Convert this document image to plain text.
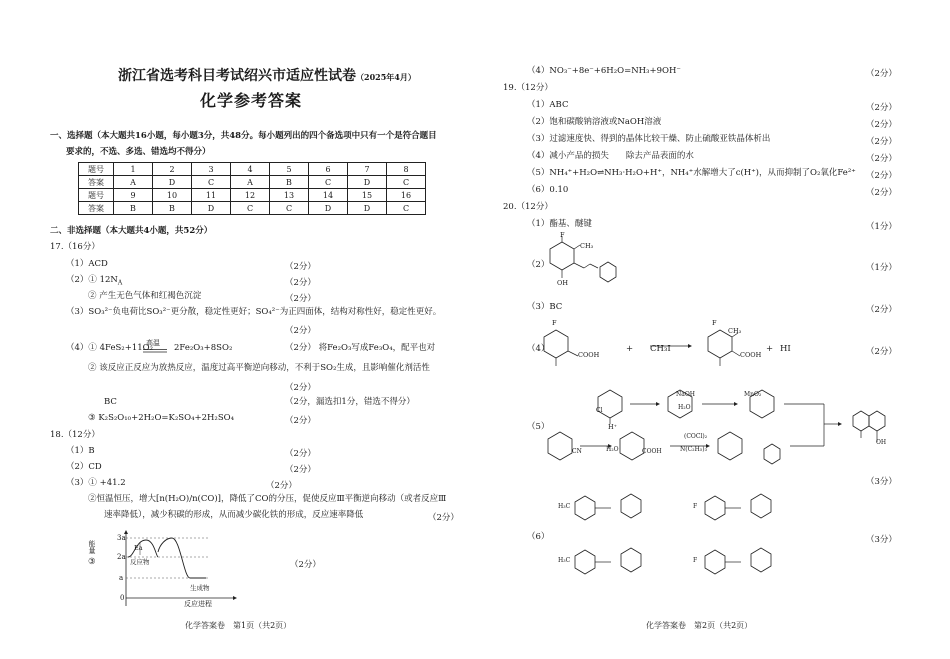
浙江省选考科目考试绍兴市适应性试卷（2025年4月）
化学参考答案
一、选择题（本大题共16小题，每小题3分，共48分。每小题列出的四个备选项中只有一个是符合题目
要求的，不选、多选、错选均不得分）
题号	1	2	3	4	5	6	7	8
答案	A	D	C	A	B	C	D	C
题号	9	10	11	12	13	14	15	16
答案	B	B	D	C	C	D	D	C
二、非选择题（本大题共4小题，共52分）
17.（16分）
（1）ACD	（2分）
（2）① $12N_A$	（2分）
② 产生无色气体和红褐色沉淀	（2分）
（3）SO₃²⁻负电荷比SO₃²⁻更分散，稳定性更好；SO₄²⁻为正四面体，结构对称性好，稳定性更好。
（2分）
（4）① 4FeS₂+11O₂
高温 2Fe₂O₃+8SO₂	（2分） 将Fe₂O₃写成Fe₃O₄，配平也对
② 该反应正反应为放热反应，温度过高平衡逆向移动，不利于SO₂生成，且影响催化剂活性
（2分）
BC	（2分，漏选扣1分，错选不得分）
③ K₂S₂O₁₀+2H₂O=K₂SO₄+2H₂SO₄	（2分）
18.（12分）
（1）B	（2分）
（2）CD	（2分）
（3）① +41.2	（2分）
②恒温恒压，增大[n(H₂O)/n(CO)]，降低了CO的分压，促使反应Ⅲ平衡逆向移动（或者反应Ⅲ
速率降低），减少积碳的形成，从而减少碳化铁的形成，反应速率降低	（2分）
③	（2分）
能量
3a
2a
a
0
Ea
反应物
生成物
反应进程
化学答案卷　第1页（共2页）
（4）NO₃⁻+8e⁻+6H₂O=NH₃+9OH⁻	（2分）
19.（12分）
（1）ABC	（2分）
（2）饱和碳酸钠溶液或NaOH溶液	（2分）
（3）过滤速度快、得到的晶体比较干燥、防止硫酸亚铁晶体析出	（2分）
（4）减小产品的损失　　除去产品表面的水	（2分）
（5）NH₄⁺+H₂O⇌NH₃·H₂O+H⁺，NH₄⁺水解增大了c(H⁺)，从而抑制了O₂氧化Fe²⁺ （2分）
（6）0.10	（2分）
20.（12分）
（1）酯基、醚键	（1分）
（2）	（1分）
F
CH₃
OH
（3）BC	（2分）
（4）	（2分）
F
COOH
+ CH₃I
F
CH₃
COOH
+ HI
（5）
（3分）
NaOH
H₂O
MnO₂
H⁺
H₂O
(COCl)₂
N(C₂H₅)₃
Cl
CN	COOH
OH
（6）	（3分）
H₃C	F
H₃C	F
化学答案卷　第2页（共2页）
